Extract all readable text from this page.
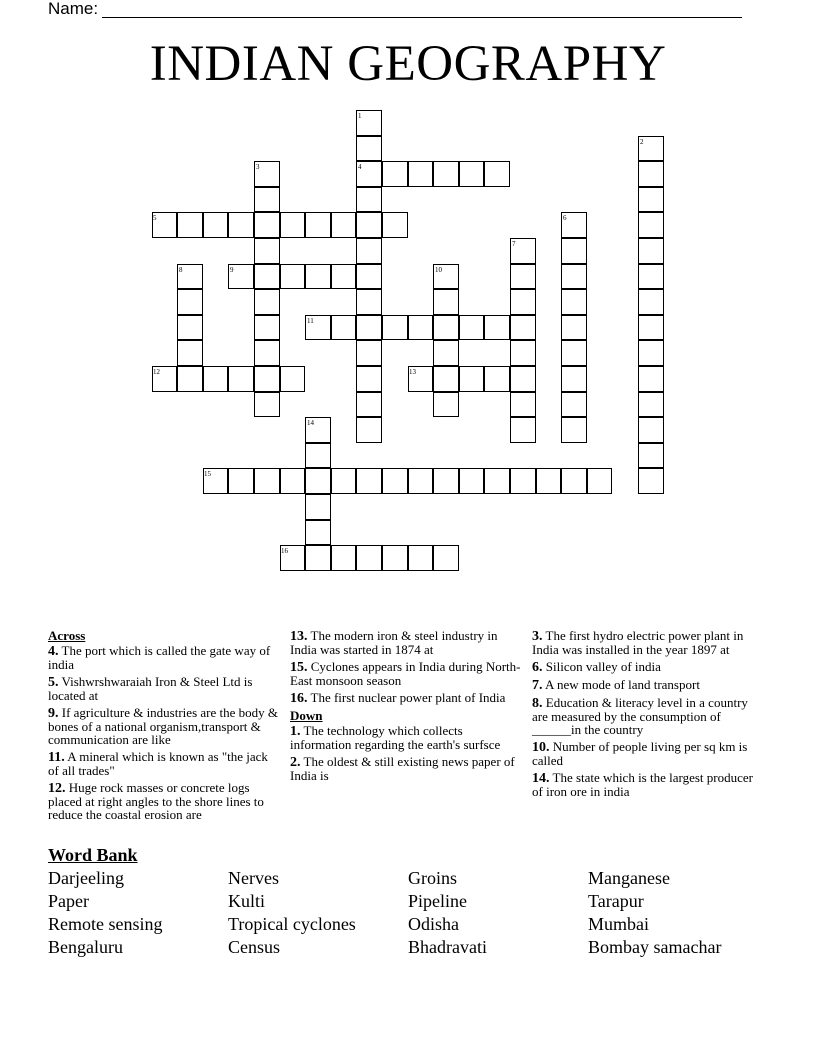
Name:
INDIAN GEOGRAPHY
1
2
3	4
5	6
7
8	9	10
11
12	13
14
15
16
Across
4. The port which is called the gate way of india
5. Vishwrshwaraiah Iron & Steel Ltd is located at
9. If agriculture & industries are the body & bones of a national organism,transport & communication are like
11. A mineral which is known as "the jack of all trades"
12. Huge rock masses or concrete logs placed at right angles to the shore lines to reduce the coastal erosion are
13. The modern iron & steel industry in India was started in 1874 at
15. Cyclones appears in India during North-East monsoon season
16. The first nuclear power plant of India
Down
1. The technology which collects information regarding the earth's surfsce
2. The oldest & still existing news paper of India is
3. The first hydro electric power plant in India was installed in the year 1897 at
6. Silicon valley of india
7. A new mode of land transport
8. Education & literacy level in a country are measured by the consumption of ______in the country
10. Number of people living per sq km is called
14. The state which is the largest producer of iron ore in india
Word Bank
Darjeeling	Nerves	Groins	Manganese
Paper	Kulti	Pipeline	Tarapur
Remote sensing	Tropical cyclones	Odisha	Mumbai
Bengaluru	Census	Bhadravati	Bombay samachar
